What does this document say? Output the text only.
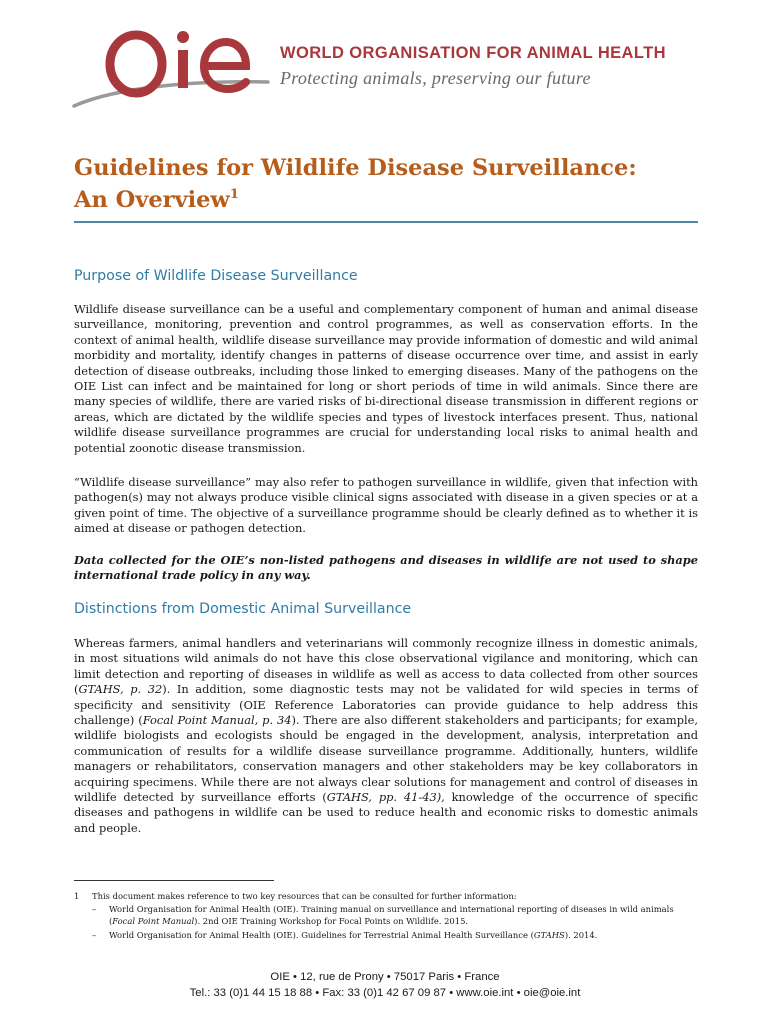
WORLD ORGANISATION FOR ANIMAL HEALTH
Protecting animals, preserving our future
Guidelines for Wildlife Disease Surveillance:
An Overview$^1$
Purpose of Wildlife Disease Surveillance

Wildlife disease surveillance can be a useful and complementary component of human and animal disease surveillance, monitoring, prevention and control programmes, as well as conservation efforts. In the context of animal health, wildlife disease surveillance may provide information of domestic and wild animal morbidity and mortality, identify changes in patterns of disease occurrence over time, and assist in early detection of disease outbreaks, including those linked to emerging diseases. Many of the pathogens on the OIE List can infect and be maintained for long or short periods of time in wild animals. Since there are many species of wildlife, there are varied risks of bi-directional disease transmission in different regions or areas, which are dictated by the wildlife species and types of livestock interfaces present. Thus, national wildlife disease surveillance programmes are crucial for understanding local risks to animal health and potential zoonotic disease transmission.

“Wildlife disease surveillance” may also refer to pathogen surveillance in wildlife, given that infection with pathogen(s) may not always produce visible clinical signs associated with disease in a given species or at a given point of time. The objective of a surveillance programme should be clearly defined as to whether it is aimed at disease or pathogen detection.

Data collected for the OIE’s non-listed pathogens and diseases in wildlife are not used to shape international trade policy in any way.

Distinctions from Domestic Animal Surveillance

Whereas farmers, animal handlers and veterinarians will commonly recognize illness in domestic animals, in most situations wild animals do not have this close observational vigilance and monitoring, which can limit detection and reporting of diseases in wildlife as well as access to data collected from other sources (GTAHS, p. 32). In addition, some diagnostic tests may not be validated for wild species in terms of specificity and sensitivity (OIE Reference Laboratories can provide guidance to help address this challenge) (Focal Point Manual, p. 34). There are also different stakeholders and participants; for example, wildlife biologists and ecologists should be engaged in the development, analysis, interpretation and communication of results for a wildlife disease surveillance programme. Additionally, hunters, wildlife managers or rehabilitators, conservation managers and other stakeholders may be key collaborators in acquiring specimens. While there are not always clear solutions for management and control of diseases in wildlife detected by surveillance efforts (GTAHS, pp. 41-43), knowledge of the occurrence of specific diseases and pathogens in wildlife can be used to reduce health and economic risks to domestic animals and people.

1 This document makes reference to two key resources that can be consulted for further information:
– World Organisation for Animal Health (OIE). Training manual on surveillance and international reporting of diseases in wild animals (Focal Point Manual). 2nd OIE Training Workshop for Focal Points on Wildlife. 2015.
– World Organisation for Animal Health (OIE). Guidelines for Terrestrial Animal Health Surveillance (GTAHS). 2014.
OIE • 12, rue de Prony • 75017 Paris • France
Tel.: 33 (0)1 44 15 18 88 • Fax: 33 (0)1 42 67 09 87 • www.oie.int • oie@oie.int
